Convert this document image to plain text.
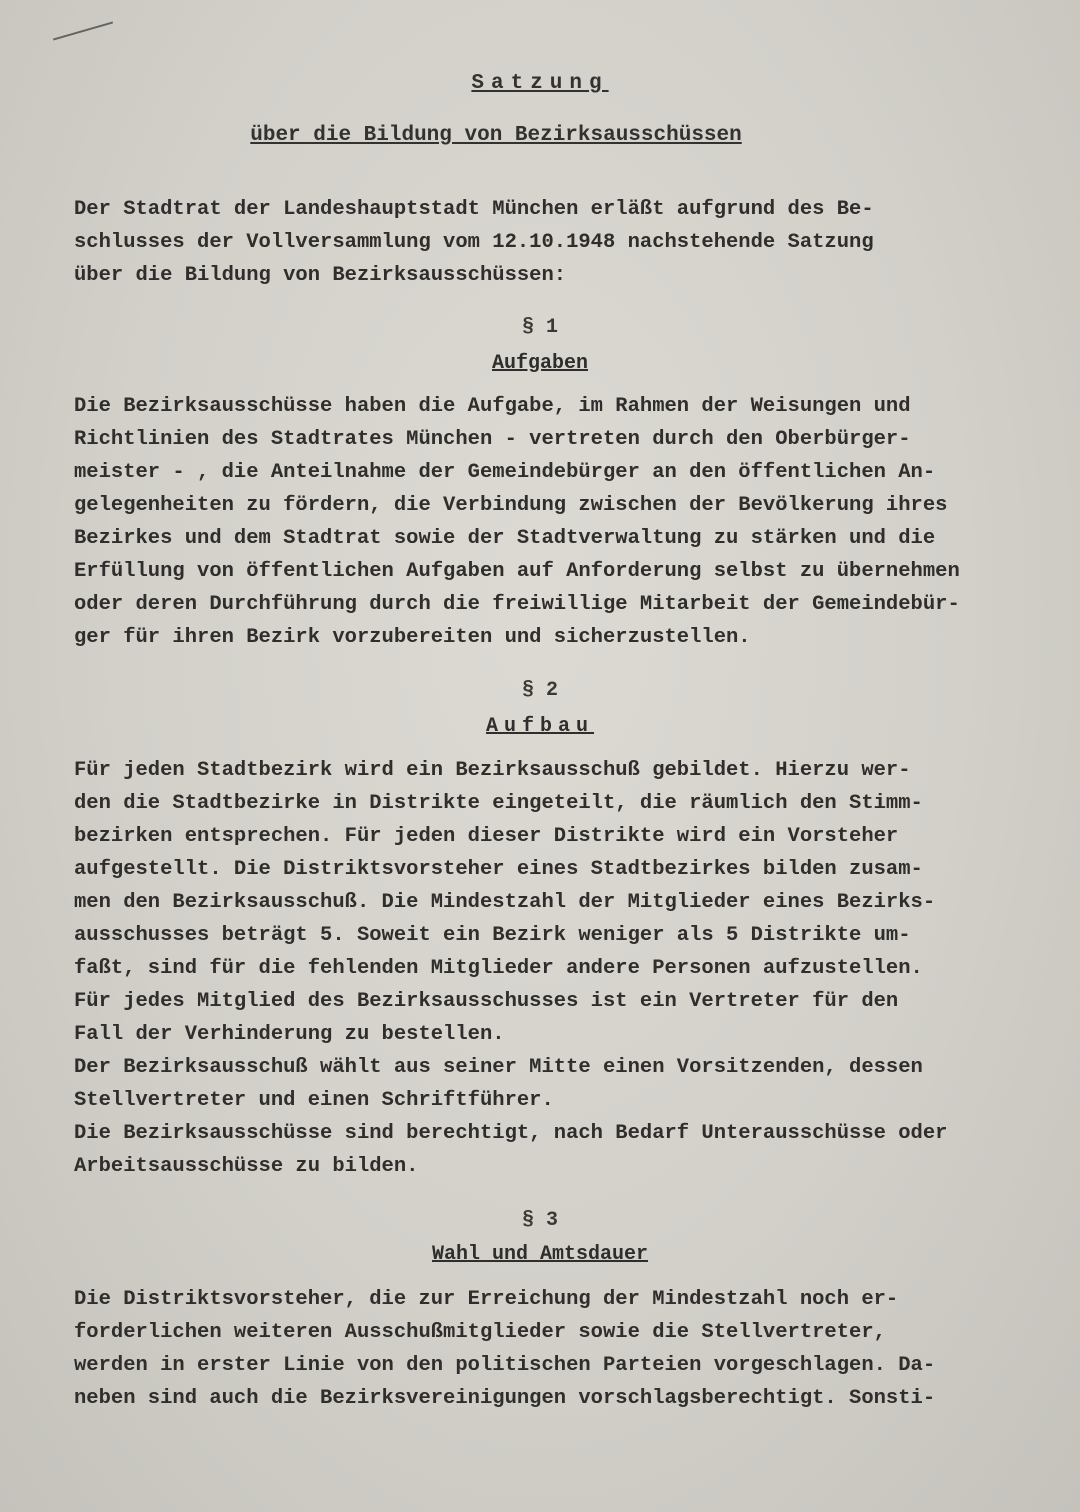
Satzung
über die Bildung von Bezirksausschüssen

Der Stadtrat der Landeshauptstadt München erläßt aufgrund des Be-
schlusses der Vollversammlung vom 12.10.1948 nachstehende Satzung
über die Bildung von Bezirksausschüssen:

§ 1
Aufgaben

Die Bezirksausschüsse haben die Aufgabe, im Rahmen der Weisungen und
Richtlinien des Stadtrates München - vertreten durch den Oberbürger-
meister - , die Anteilnahme der Gemeindebürger an den öffentlichen An-
gelegenheiten zu fördern, die Verbindung zwischen der Bevölkerung ihres
Bezirkes und dem Stadtrat sowie der Stadtverwaltung zu stärken und die
Erfüllung von öffentlichen Aufgaben auf Anforderung selbst zu übernehmen
oder deren Durchführung durch die freiwillige Mitarbeit der Gemeindebür-
ger für ihren Bezirk vorzubereiten und sicherzustellen.

§ 2
Aufbau

Für jeden Stadtbezirk wird ein Bezirksausschuß gebildet. Hierzu wer-
den die Stadtbezirke in Distrikte eingeteilt, die räumlich den Stimm-
bezirken entsprechen. Für jeden dieser Distrikte wird ein Vorsteher
aufgestellt. Die Distriktsvorsteher eines Stadtbezirkes bilden zusam-
men den Bezirksausschuß. Die Mindestzahl der Mitglieder eines Bezirks-
ausschusses beträgt 5. Soweit ein Bezirk weniger als 5 Distrikte um-
faßt, sind für die fehlenden Mitglieder andere Personen aufzustellen.
Für jedes Mitglied des Bezirksausschusses ist ein Vertreter für den
Fall der Verhinderung zu bestellen.
Der Bezirksausschuß wählt aus seiner Mitte einen Vorsitzenden, dessen
Stellvertreter und einen Schriftführer.
Die Bezirksausschüsse sind berechtigt, nach Bedarf Unterausschüsse oder
Arbeitsausschüsse zu bilden.

§ 3
Wahl und Amtsdauer

Die Distriktsvorsteher, die zur Erreichung der Mindestzahl noch er-
forderlichen weiteren Ausschußmitglieder sowie die Stellvertreter,
werden in erster Linie von den politischen Parteien vorgeschlagen. Da-
neben sind auch die Bezirksvereinigungen vorschlagsberechtigt. Sonsti-
